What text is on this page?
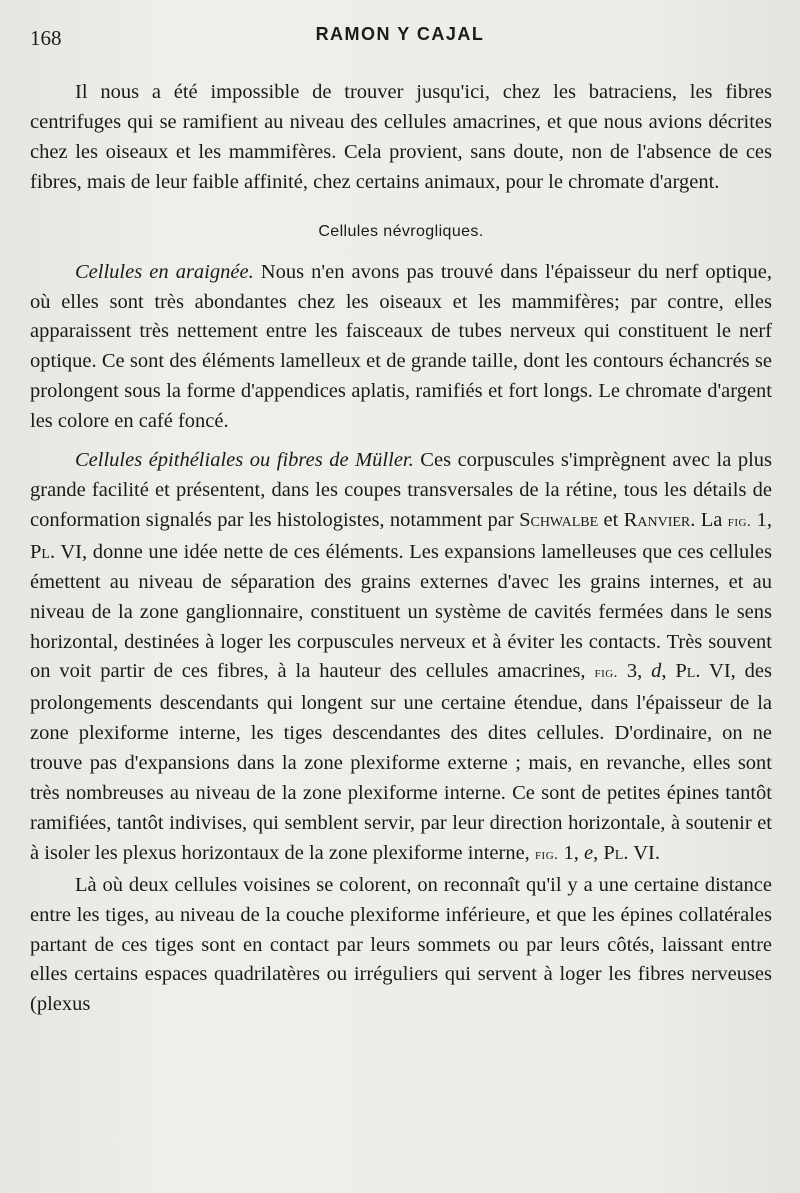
168	RAMON Y CAJAL

Il nous a été impossible de trouver jusqu'ici, chez les batraciens, les fibres centrifuges qui se ramifient au niveau des cellules amacrines, et que nous avions décrites chez les oiseaux et les mammifères. Cela provient, sans doute, non de l'absence de ces fibres, mais de leur faible affinité, chez certains animaux, pour le chromate d'argent.

Cellules névrogliques.

Cellules en araignée. Nous n'en avons pas trouvé dans l'épaisseur du nerf optique, où elles sont très abondantes chez les oiseaux et les mammifères; par contre, elles apparaissent très nettement entre les faisceaux de tubes nerveux qui constituent le nerf optique. Ce sont des éléments lamelleux et de grande taille, dont les contours échancrés se prolongent sous la forme d'appendices aplatis, ramifiés et fort longs. Le chromate d'argent les colore en café foncé.

Cellules épithéliales ou fibres de Müller. Ces corpuscules s'imprègnent avec la plus grande facilité et présentent, dans les coupes transversales de la rétine, tous les détails de conformation signalés par les histologistes, notamment par Schwalbe et Ranvier. La fig. 1, Pl. VI, donne une idée nette de ces éléments. Les expansions lamelleuses que ces cellules émettent au niveau de séparation des grains externes d'avec les grains internes, et au niveau de la zone ganglionnaire, constituent un système de cavités fermées dans le sens horizontal, destinées à loger les corpuscules nerveux et à éviter les contacts. Très souvent on voit partir de ces fibres, à la hauteur des cellules amacrines, fig. 3, d, Pl. VI, des prolongements descendants qui longent sur une certaine étendue, dans l'épaisseur de la zone plexiforme interne, les tiges descendantes des dites cellules. D'ordinaire, on ne trouve pas d'expansions dans la zone plexiforme externe ; mais, en revanche, elles sont très nombreuses au niveau de la zone plexiforme interne. Ce sont de petites épines tantôt ramifiées, tantôt indivises, qui semblent servir, par leur direction horizontale, à soutenir et à isoler les plexus horizontaux de la zone plexiforme interne, fig. 1, e, Pl. VI.

Là où deux cellules voisines se colorent, on reconnaît qu'il y a une certaine distance entre les tiges, au niveau de la couche plexiforme inférieure, et que les épines collatérales partant de ces tiges sont en contact par leurs sommets ou par leurs côtés, laissant entre elles certains espaces quadrilatères ou irréguliers qui servent à loger les fibres nerveuses (plexus
